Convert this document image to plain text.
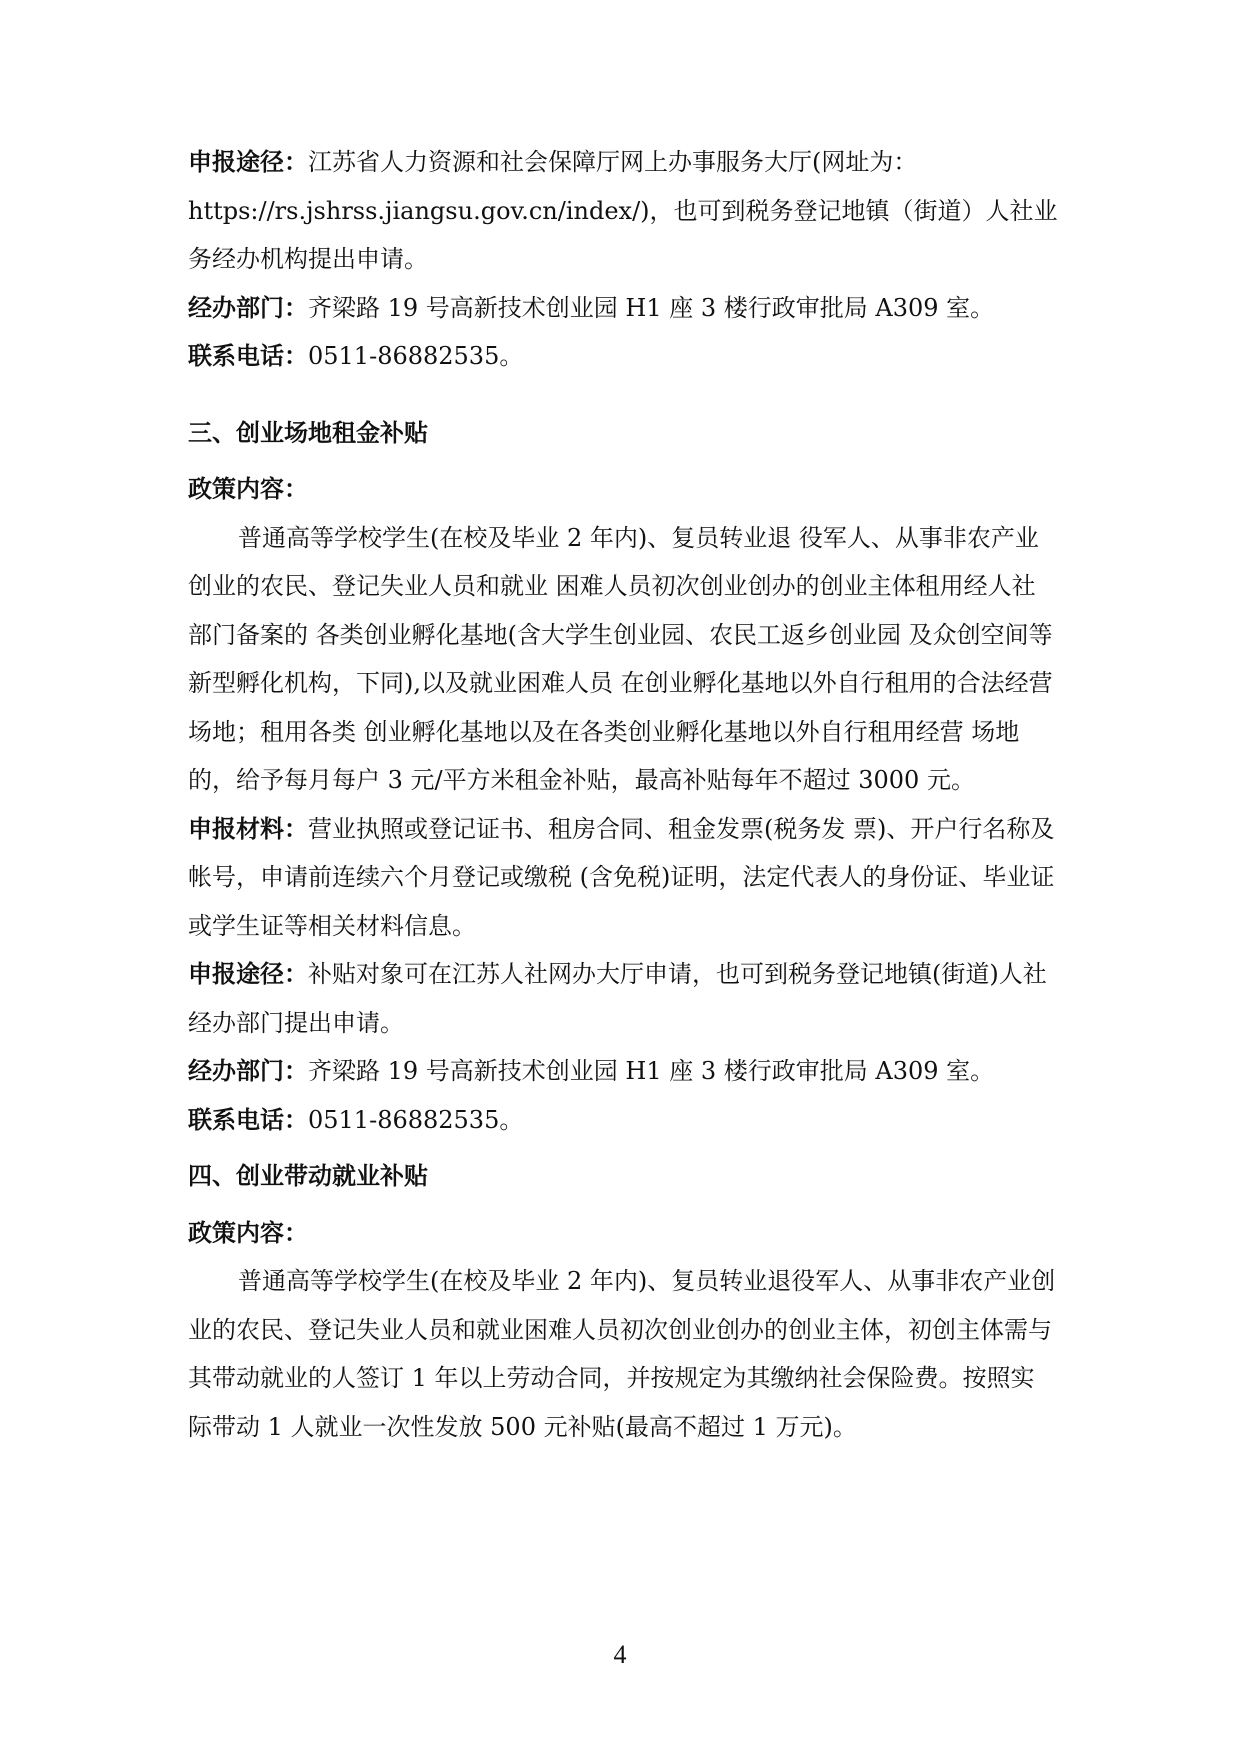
申报途径：江苏省人力资源和社会保障厅网上办事服务大厅(网址为：https://rs.jshrss.jiangsu.gov.cn/index/)，也可到税务登记地镇（街道）人社业务经办机构提出申请。

经办部门：齐梁路 19 号高新技术创业园 H1 座 3 楼行政审批局 A309 室。

联系电话：0511-86882535。

三、创业场地租金补贴

政策内容：

普通高等学校学生(在校及毕业 2 年内)、复员转业退 役军人、从事非农产业创业的农民、登记失业人员和就业 困难人员初次创业创办的创业主体租用经人社部门备案的 各类创业孵化基地(含大学生创业园、农民工返乡创业园 及众创空间等新型孵化机构，下同),以及就业困难人员 在创业孵化基地以外自行租用的合法经营场地；租用各类 创业孵化基地以及在各类创业孵化基地以外自行租用经营 场地的，给予每月每户 3 元/平方米租金补贴，最高补贴每年不超过 3000 元。

申报材料：营业执照或登记证书、租房合同、租金发票(税务发 票)、开户行名称及帐号，申请前连续六个月登记或缴税 (含免税)证明，法定代表人的身份证、毕业证或学生证等相关材料信息。

申报途径：补贴对象可在江苏人社网办大厅申请，也可到税务登记地镇(街道)人社经办部门提出申请。

经办部门：齐梁路 19 号高新技术创业园 H1 座 3 楼行政审批局 A309 室。

联系电话：0511-86882535。

四、创业带动就业补贴

政策内容：

普通高等学校学生(在校及毕业 2 年内)、复员转业退役军人、从事非农产业创业的农民、登记失业人员和就业困难人员初次创业创办的创业主体，初创主体需与其带动就业的人签订 1 年以上劳动合同，并按规定为其缴纳社会保险费。按照实际带动 1 人就业一次性发放 500 元补贴(最高不超过 1 万元)。

4
